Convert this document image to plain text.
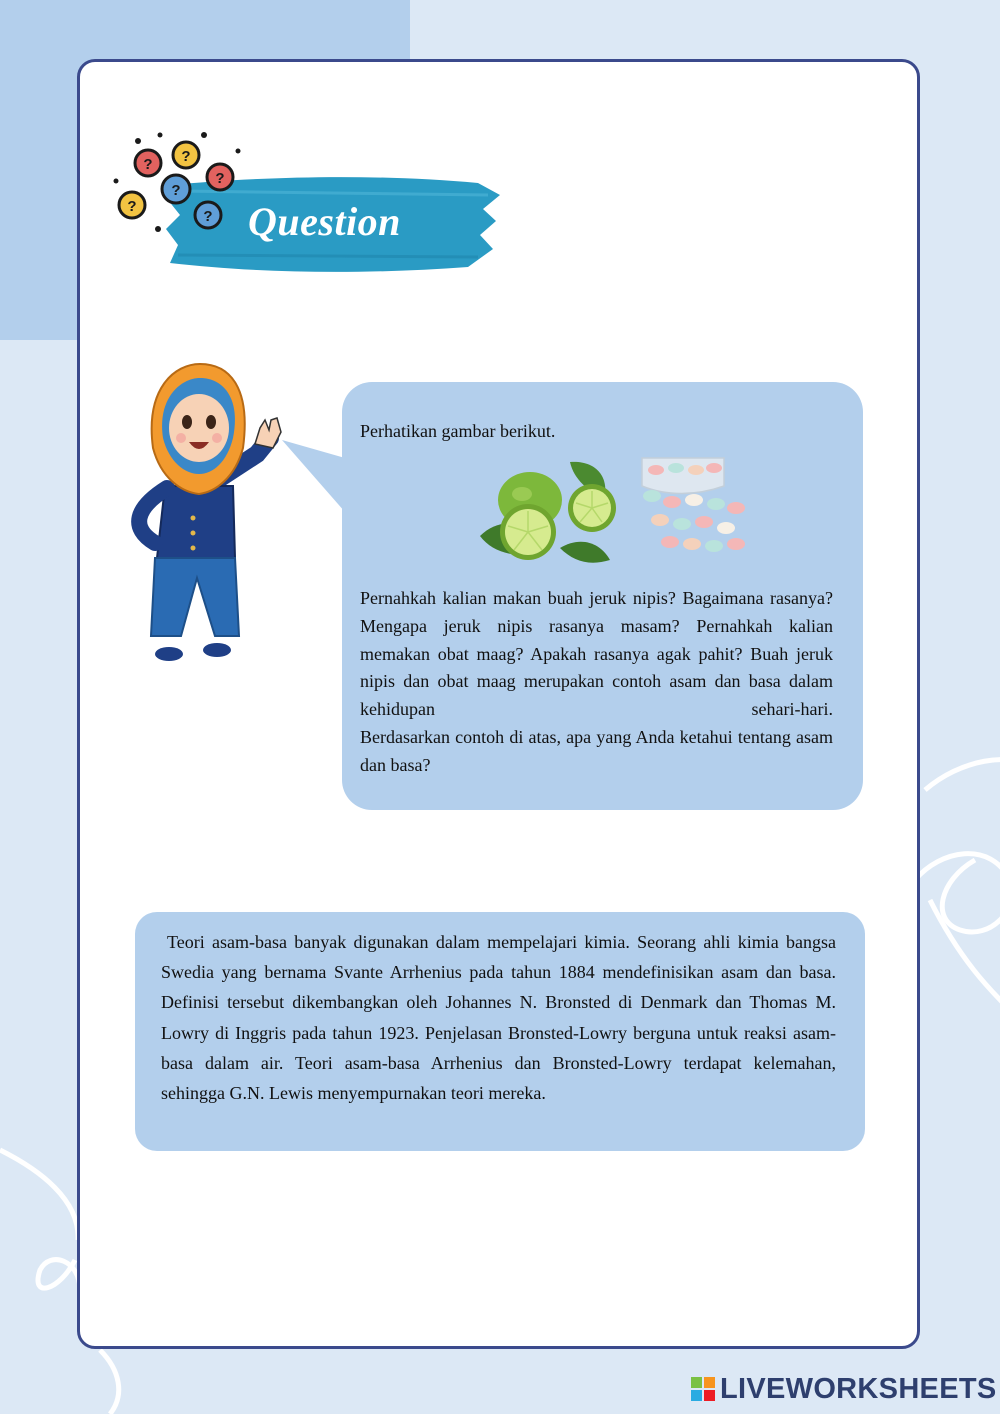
? ?
?
?
?
? Question
Perhatikan gambar berikut.

Pernahkah kalian makan buah jeruk nipis? Bagaimana rasanya? Mengapa jeruk nipis rasanya masam? Pernahkah kalian memakan obat maag? Apakah rasanya agak pahit? Buah jeruk nipis dan obat maag merupakan contoh asam dan basa dalam kehidupan sehari-hari.

Berdasarkan contoh di atas, apa yang Anda ketahui tentang asam dan basa?

Teori asam-basa banyak digunakan dalam mempelajari kimia. Seorang ahli kimia bangsa Swedia yang bernama Svante Arrhenius pada tahun 1884 mendefinisikan asam dan basa. Definisi tersebut dikembangkan oleh Johannes N. Bronsted di Denmark dan Thomas M. Lowry di Inggris pada tahun 1923. Penjelasan Bronsted-Lowry berguna untuk reaksi asam-basa dalam air. Teori asam-basa Arrhenius dan Bronsted-Lowry terdapat kelemahan, sehingga G.N. Lewis menyempurnakan teori mereka.
LIVEWORKSHEETS
